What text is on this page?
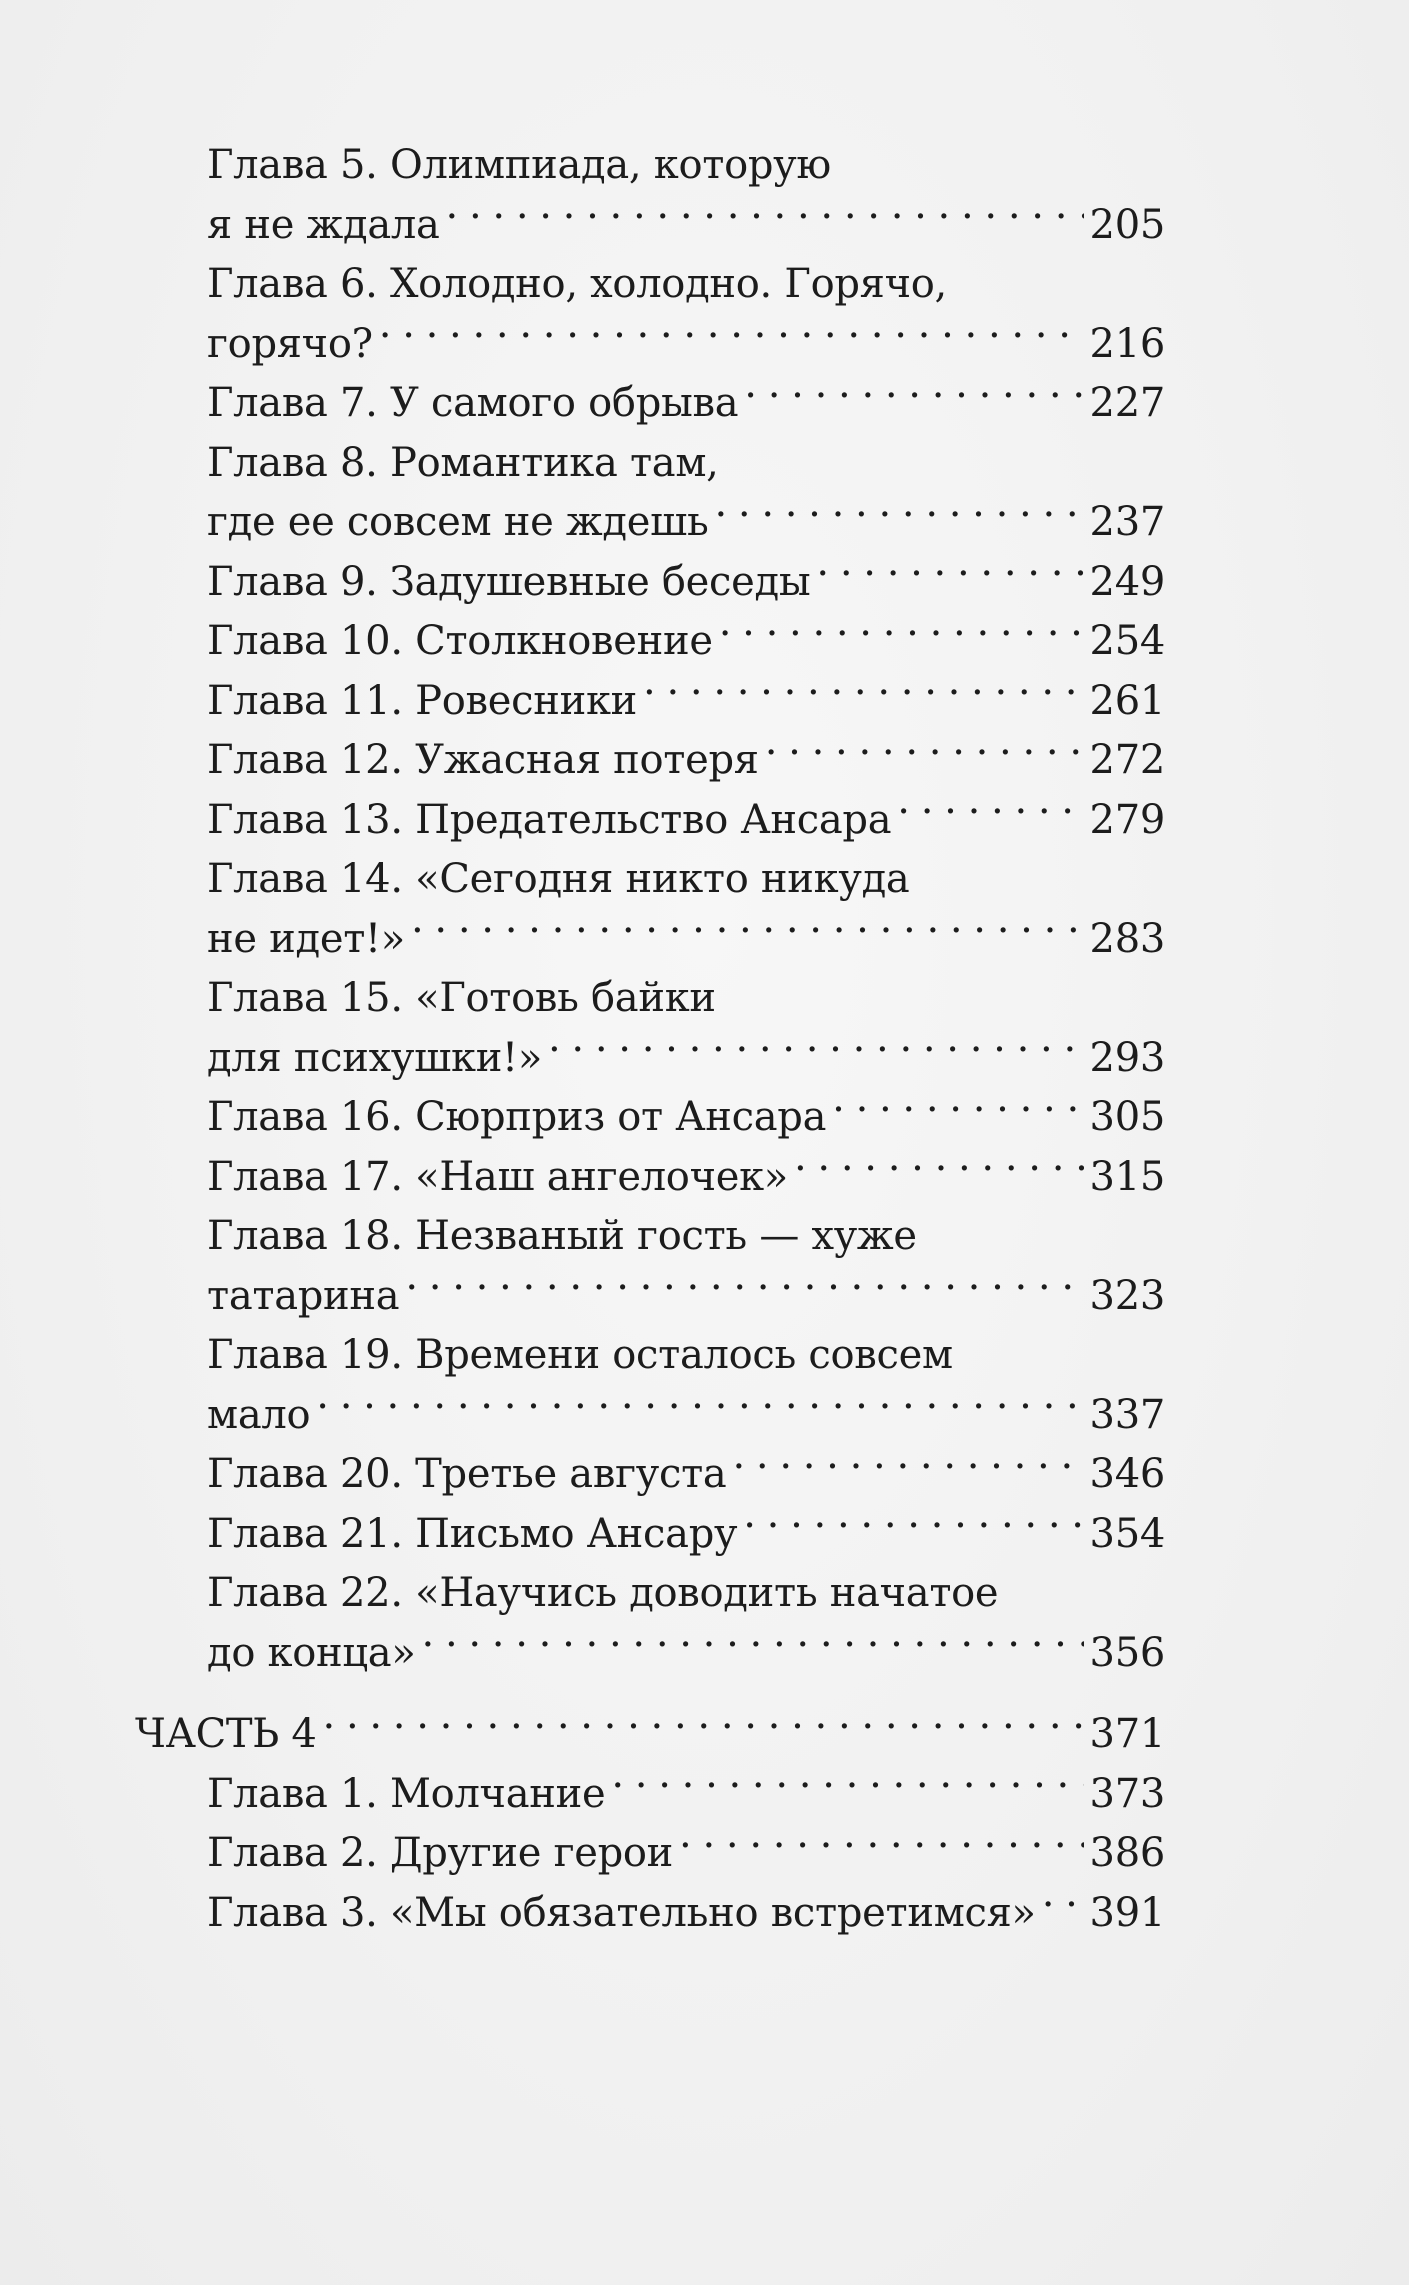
Глава 5. Олимпиада, которую
я не ждала . . .	205
Глава 6. Холодно, холодно. Горячо,
горячо? . . .	216
Глава 7. У самого обрыва . . .	227
Глава 8. Романтика там,
где ее совсем не ждешь . . .	237
Глава 9. Задушевные беседы . . .	249
Глава 10. Столкновение . . .	254
Глава 11. Ровесники . . .	261
Глава 12. Ужасная потеря . . .	272
Глава 13. Предательство Ансара . . .	279
Глава 14. «Сегодня никто никуда
не идет!» . . .	283
Глава 15. «Готовь байки
для психушки!» . . .	293
Глава 16. Сюрприз от Ансара . . .	305
Глава 17. «Наш ангелочек» . . .	315
Глава 18. Незваный гость — хуже
татарина . . .	323
Глава 19. Времени осталось совсем
мало . . .	337
Глава 20. Третье августа . . .	346
Глава 21. Письмо Ансару . . .	354
Глава 22. «Научись доводить начатое
до конца» . . .	356
ЧАСТЬ 4 . . .	371
Глава 1. Молчание . . .	373
Глава 2. Другие герои . . .	386
Глава 3. «Мы обязательно встретимся» . . . 391
